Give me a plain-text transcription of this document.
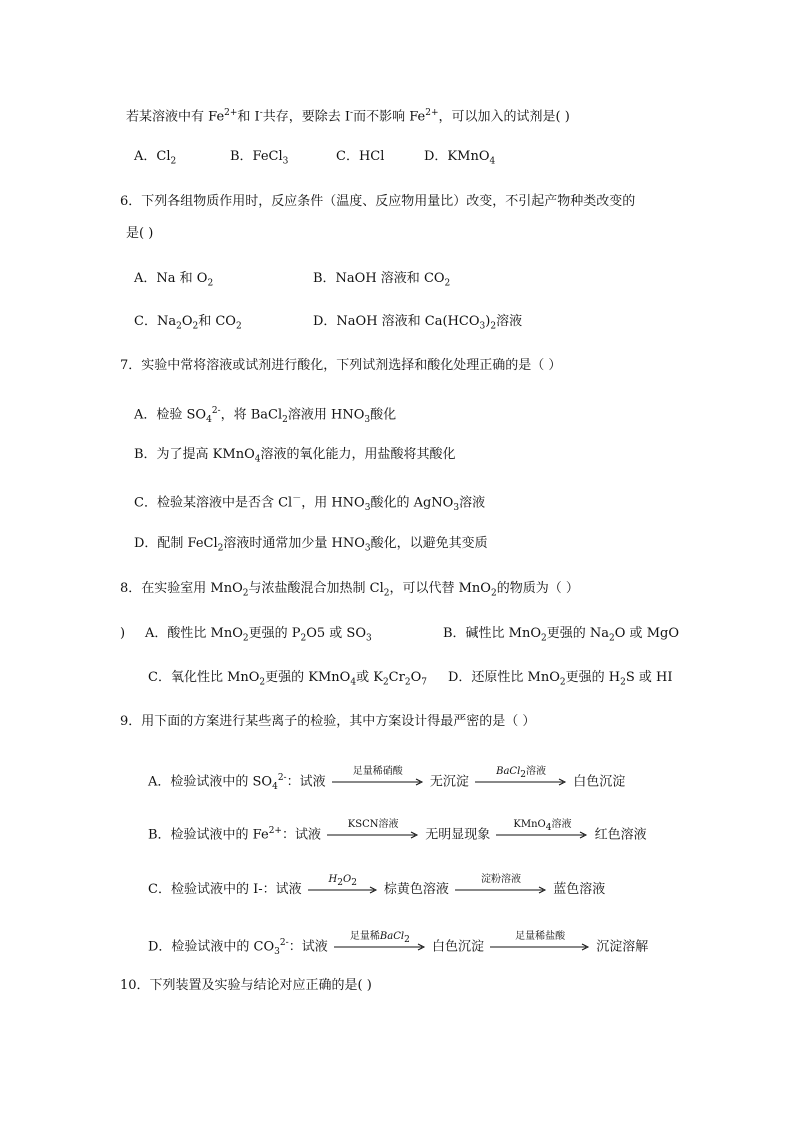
若某溶液中有 $Fe^{2+}$和 I-共存，要除去 I-而不影响 $Fe^{2+}$，可以加入的试剂是( )
A．$Cl_2$	B．FeCl$_3$	C．HCl	D．KMnO$_4$
6．下列各组物质作用时，反应条件（温度、反应物用量比）改变，不引起产物种类改变的
是( )
A．Na 和 $O_2$	B．NaOH 溶液和 $CO_2$
C．$Na_2O_2$和 $CO_2$	D．NaOH 溶液和 $Ca(HCO_3)_2$溶液
7．实验中常将溶液或试剂进行酸化，下列试剂选择和酸化处理正确的是（ ）
A．检验 $SO_4^{2-}$，将 BaCl$_2$溶液用 $HNO_3$酸化
B．为了提高 KMnO$_4$溶液的氧化能力，用盐酸将其酸化
C．检验某溶液中是否含 Cl－，用 $HNO_3$酸化的 AgNO$_3$溶液
D．配制 FeCl$_2$溶液时通常加少量 $HNO_3$酸化，以避免其变质
8．在实验室用 MnO$_2$与浓盐酸混合加热制 $Cl_2$，可以代替 MnO$_2$的物质为（ ）
) A．酸性比 MnO$_2$更强的 $P_2O5$ 或 $SO_3$	B．碱性比 MnO$_2$更强的 $Na_2O$ 或 MgO
C．氧化性比 MnO$_2$更强的 KMnO$_4$或 $K_2Cr_2O_7$ D．还原性比 MnO$_2$更强的 $H_2S$ 或 HI
9．用下面的方案进行某些离子的检验，其中方案设计得最严密的是（ ）
A．检验试液中的 $SO_4^{2-}$：试液
足量稀硝酸
无沉淀
BaCl$_2$溶液
白色沉淀
B．检验试液中的 $Fe^{2+}$：试液
KSCN溶液
无明显现象
KMnO$_4$溶液
红色溶液
C．检验试液中的 I-：试液
$H_2O_2$	棕黄色溶液
淀粉溶液
蓝色溶液
D．检验试液中的 $CO_3^{2-}$：试液
足量稀BaCl$_2$	白色沉淀
足量稀盐酸
沉淀溶解
10．下列装置及实验与结论对应正确的是( )
